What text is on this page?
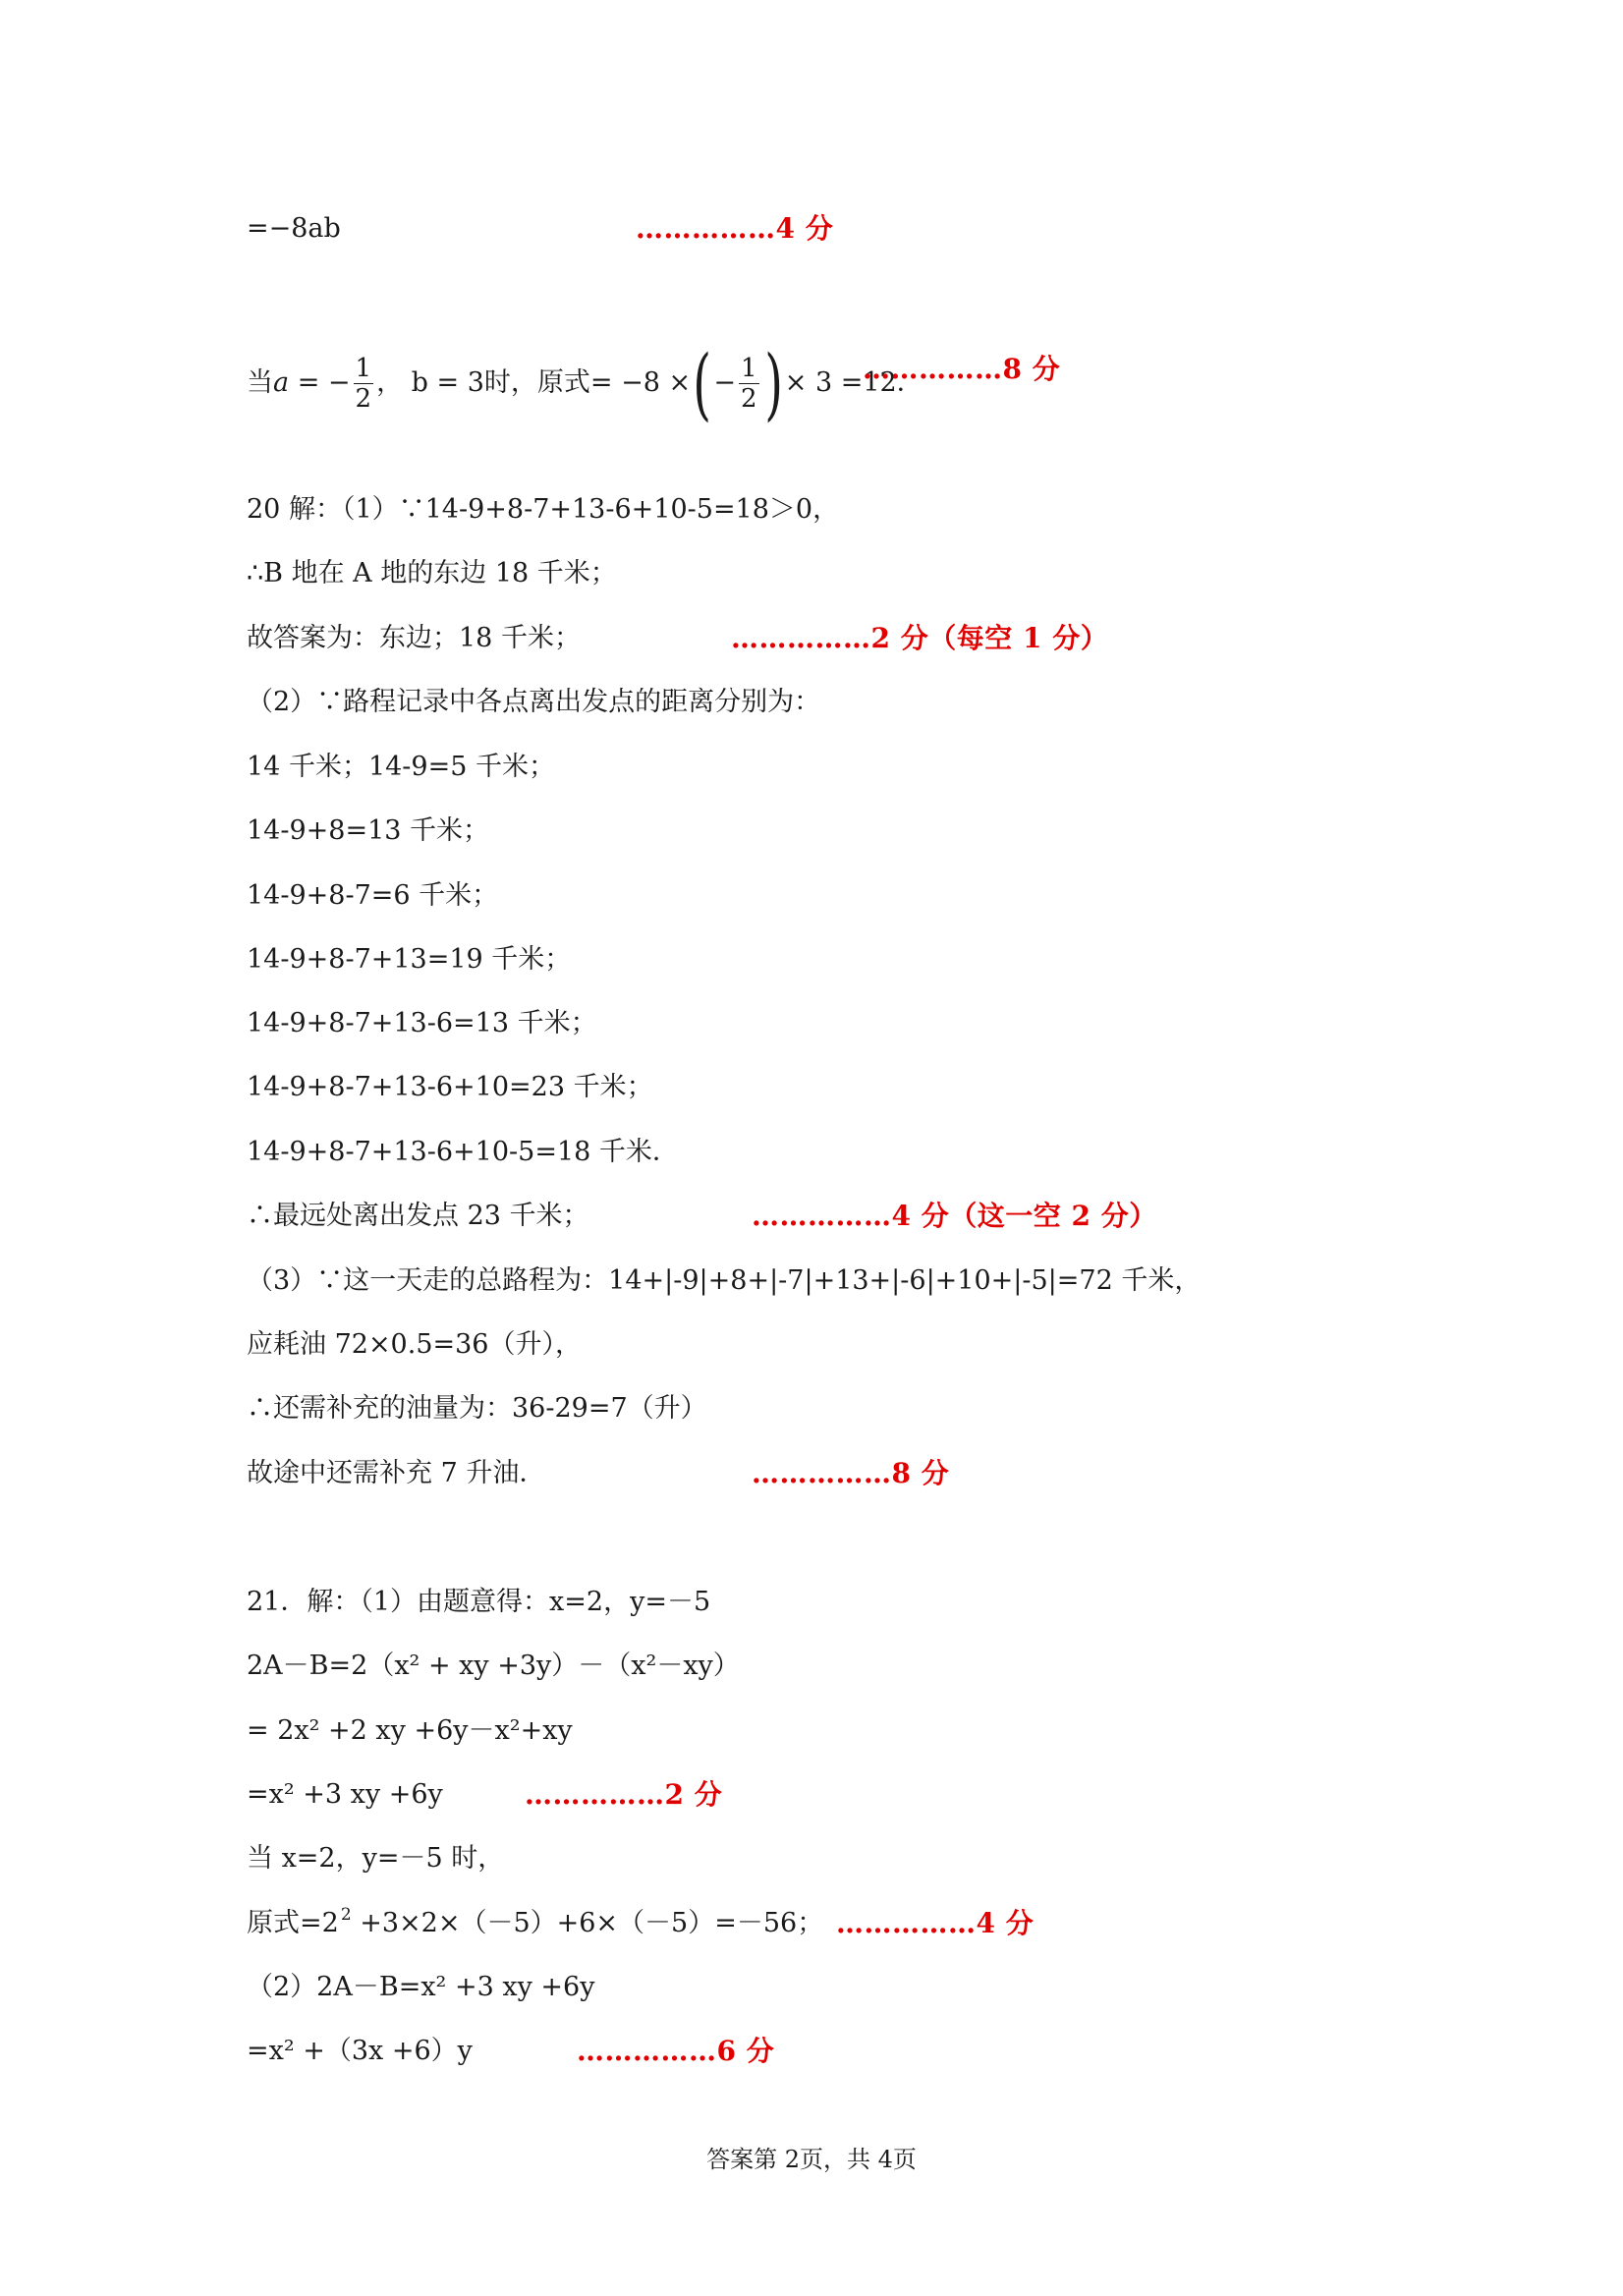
=−8ab	……………4 分
当a = − $\frac{1}{2}$ ， b = 3时，原式= −8 ×(− $\frac{1}{2}$ )× 3 =12．
……………8 分
20 解：（1）∵14-9+8-7+13-6+10-5=18＞0，
∴B 地在 A 地的东边 18 千米；
故答案为：东边；18 千米；	……………2 分（每空 1 分）
（2）∵路程记录中各点离出发点的距离分别为：
14 千米；14-9=5 千米；
14-9+8=13 千米；
14-9+8-7=6 千米；
14-9+8-7+13=19 千米；
14-9+8-7+13-6=13 千米；
14-9+8-7+13-6+10=23 千米；
14-9+8-7+13-6+10-5=18 千米．
∴最远处离出发点 23 千米；	……………4 分（这一空 2 分）
（3）∵这一天走的总路程为：14+|-9|+8+|-7|+13+|-6|+10+|-5|=72 千米，
应耗油 72×0.5=36（升），
∴还需补充的油量为：36-29=7（升）
故途中还需补充 7 升油．	……………8 分
21．解：（1）由题意得：x=2，y=－5
2A－B=2（x² + xy +3y）－（x²－xy）
= 2x² +2 xy +6y－x²+xy
=x² +3 xy +6y	……………2 分
当 x=2，y=－5 时，
原式=2 $^2$ +3×2×（－5）+6×（－5）=－56； ……………4 分
（2）2A－B=x² +3 xy +6y
=x² +（3x +6）y	……………6 分
答案第 2页，共 4页
